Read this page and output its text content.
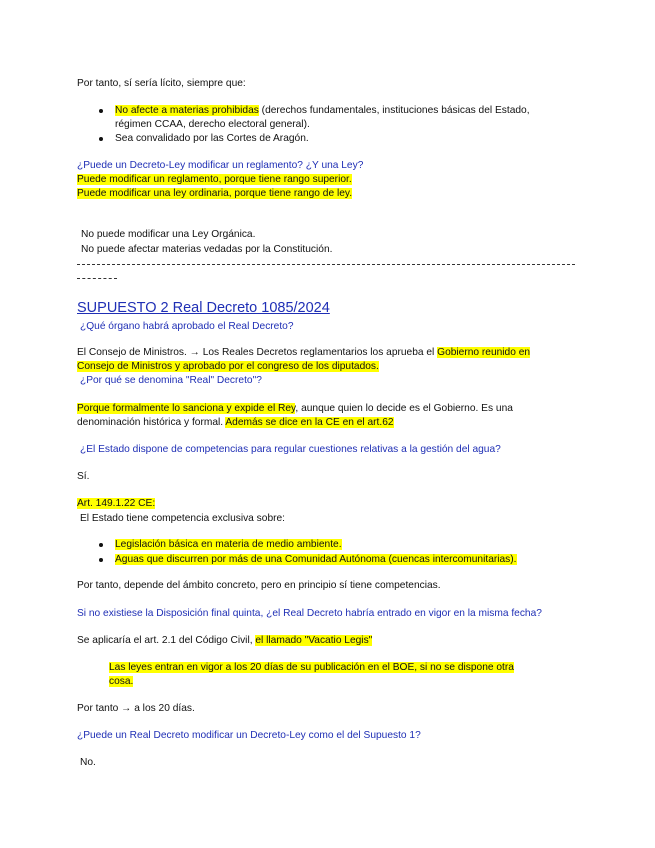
Por tanto, sí sería lícito, siempre que:
No afecte a materias prohibidas (derechos fundamentales, instituciones básicas del Estado,
régimen CCAA, derecho electoral general).
Sea convalidado por las Cortes de Aragón.
¿Puede un Decreto-Ley modificar un reglamento? ¿Y una Ley?
Puede modificar un reglamento, porque tiene rango superior.
Puede modificar una ley ordinaria, porque tiene rango de ley.
No puede modificar una Ley Orgánica.
No puede afectar materias vedadas por la Constitución.
SUPUESTO 2 Real Decreto 1085/2024
¿Qué órgano habrá aprobado el Real Decreto?
El Consejo de Ministros. → Los Reales Decretos reglamentarios los aprueba el Gobierno reunido en
Consejo de Ministros y aprobado por el congreso de los diputados.
¿Por qué se denomina "Real" Decreto"?
Porque formalmente lo sanciona y expide el Rey, aunque quien lo decide es el Gobierno. Es una
denominación histórica y formal. Además se dice en la CE en el art.62
¿El Estado dispone de competencias para regular cuestiones relativas a la gestión del agua?
Sí.
Art. 149.1.22 CE:
El Estado tiene competencia exclusiva sobre:
Legislación básica en materia de medio ambiente.
Aguas que discurren por más de una Comunidad Autónoma (cuencas intercomunitarias).
Por tanto, depende del ámbito concreto, pero en principio sí tiene competencias.
Si no existiese la Disposición final quinta, ¿el Real Decreto habría entrado en vigor en la misma fecha?
Se aplicaría el art. 2.1 del Código Civil, el llamado "Vacatio Legis"
Las leyes entran en vigor a los 20 días de su publicación en el BOE, si no se dispone otra
cosa.
Por tanto → a los 20 días.
¿Puede un Real Decreto modificar un Decreto-Ley como el del Supuesto 1?
No.
